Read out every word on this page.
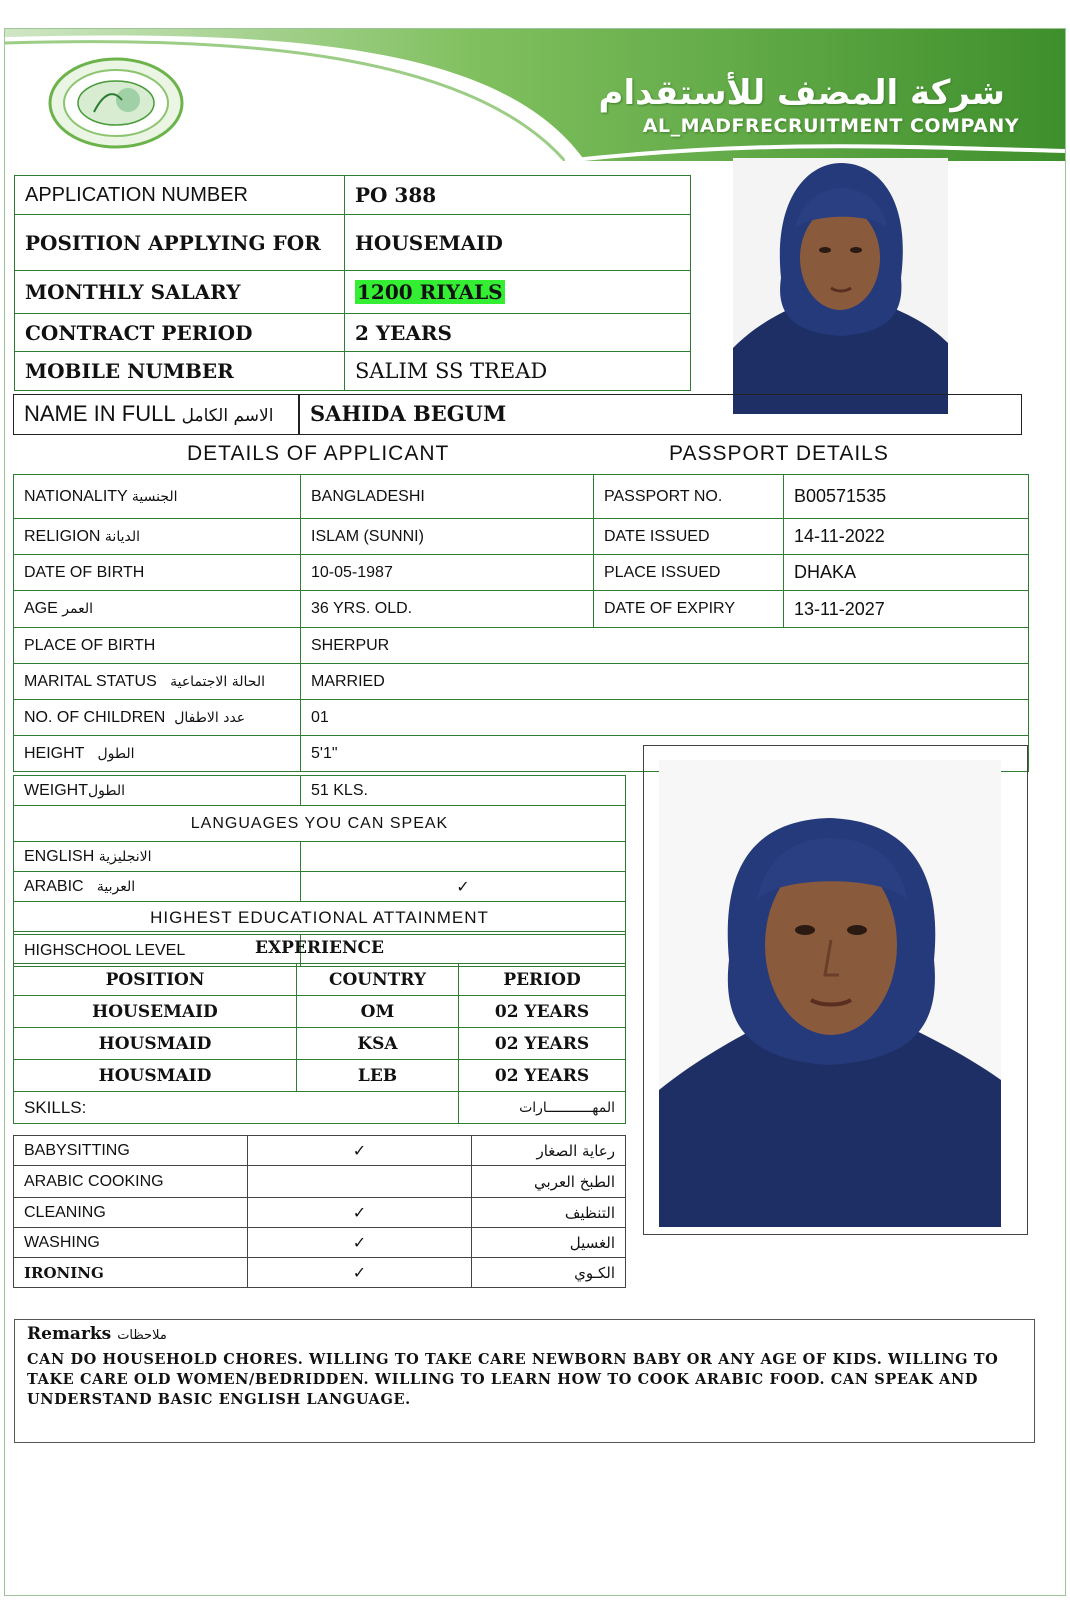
شركة المضف للأستقدام
AL_MADFRECRUITMENT COMPANY
APPLICATION NUMBER	PO 388
POSITION APPLYING FOR	HOUSEMAID
MONTHLY SALARY	1200 RIYALS
CONTRACT PERIOD	2 YEARS
MOBILE NUMBER	SALIM SS TREAD
NAME IN FULL الاسم الكامل SAHIDA BEGUM
DETAILS OF APPLICANT	PASSPORT DETAILS
NATIONALITY الجنسية	BANGLADESHI	PASSPORT NO.	B00571535
RELIGION الديانة	ISLAM (SUNNI)	DATE ISSUED	14-11-2022
DATE OF BIRTH	10-05-1987	PLACE ISSUED	DHAKA
AGE العمر	36 YRS. OLD.	DATE OF EXPIRY	13-11-2027
PLACE OF BIRTH	SHERPUR		
MARITAL STATUS الحالة الاجتماعية	MARRIED		
NO. OF CHILDREN عدد الاطفال	01		
HEIGHT الطول	5'1"		
WEIGHTالطول	51 KLS.
LANGUAGES YOU CAN SPEAK	
ENGLISH الانجليزية	
ARABIC العربية	✓
HIGHEST EDUCATIONAL ATTAINMENT	
HIGHSCHOOL LEVEL		EXPERIENCE		
POSITION	COUNTRY	PERIOD
HOUSEMAID	OM	02 YEARS
HOUSMAID	KSA	02 YEARS
HOUSMAID	LEB	02 YEARS
SKILLS:		المهـــــــــــارات
BABYSITTING	✓	رعاية الصغار
ARABIC COOKING		الطبخ العربي
CLEANING	✓	التنظيف
WASHING	✓	الغسيل
IRONING	✓	الكـوي
Remarks ملاحظات
CAN DO HOUSEHOLD CHORES. WILLING TO TAKE CARE NEWBORN BABY OR ANY AGE OF KIDS. WILLING TO TAKE CARE OLD WOMEN/BEDRIDDEN. WILLING TO LEARN HOW TO COOK ARABIC FOOD. CAN SPEAK AND UNDERSTAND BASIC ENGLISH LANGUAGE.
